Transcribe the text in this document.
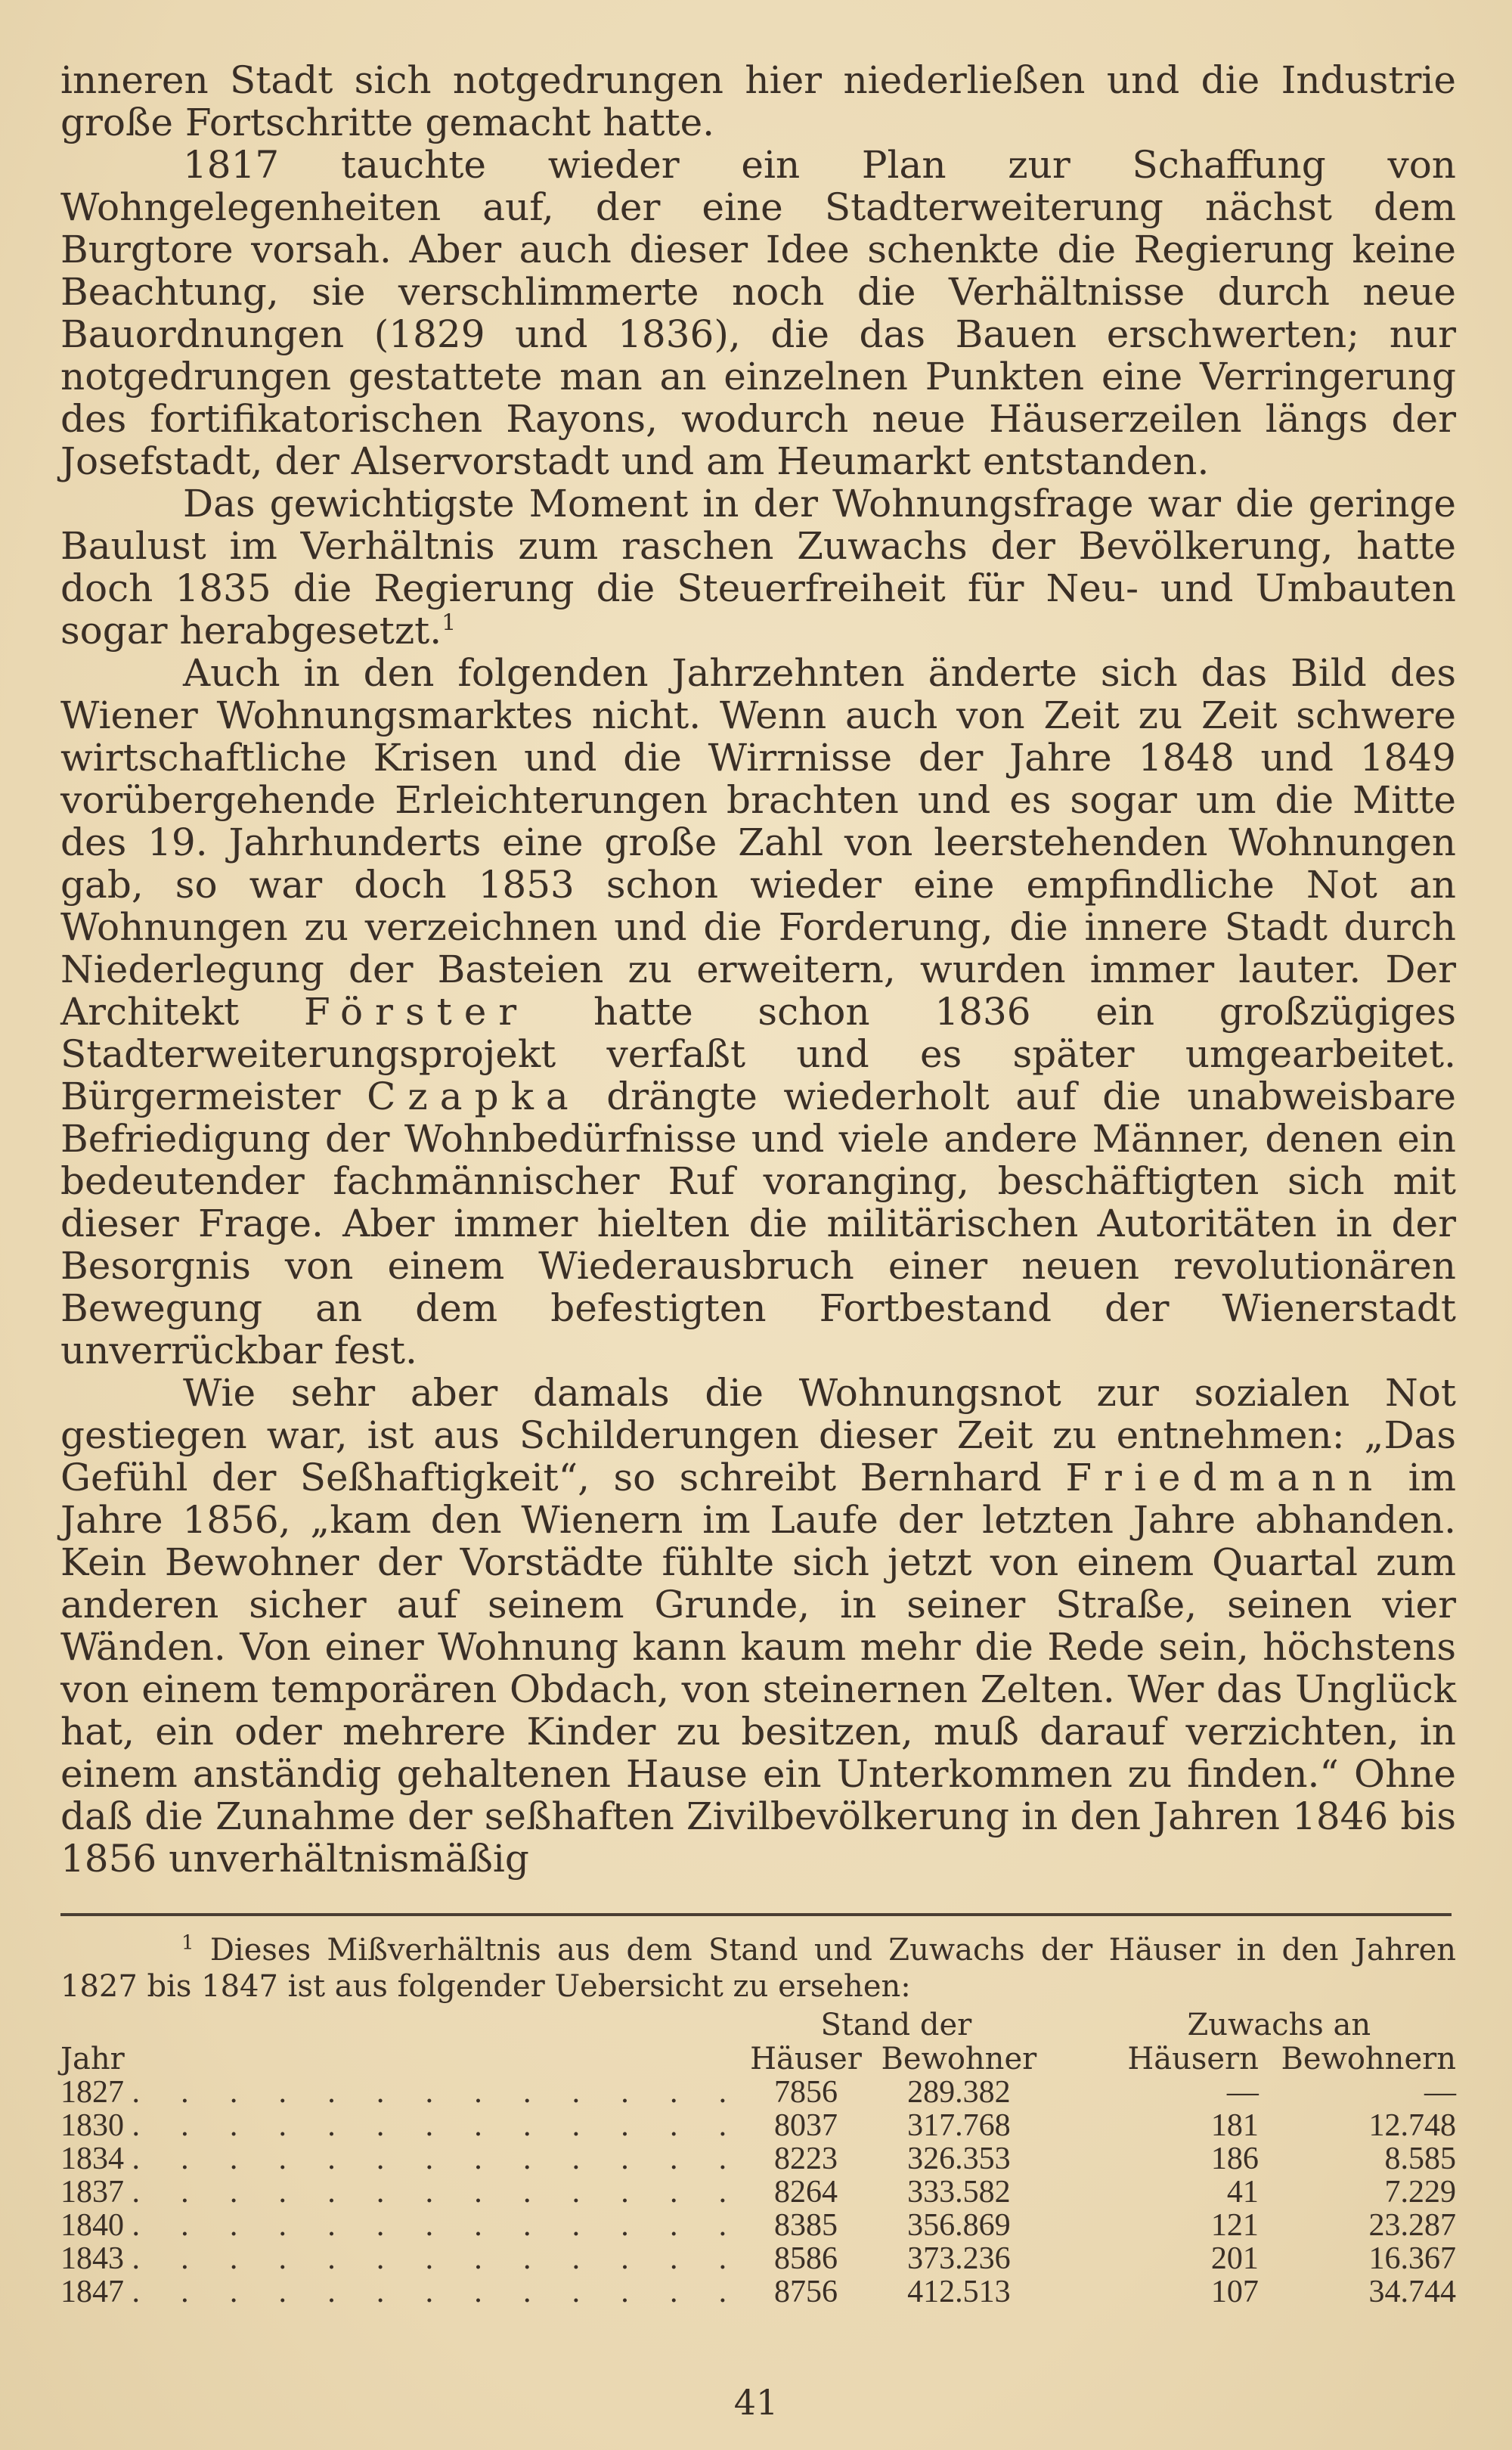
inneren Stadt sich notgedrungen hier niederließen und die Industrie große Fortschritte gemacht hatte.

1817 tauchte wieder ein Plan zur Schaffung von Wohngelegenheiten auf, der eine Stadterweiterung nächst dem Burgtore vorsah. Aber auch dieser Idee schenkte die Regierung keine Beachtung, sie verschlimmerte noch die Verhältnisse durch neue Bauordnungen (1829 und 1836), die das Bauen erschwerten; nur notgedrungen gestattete man an einzelnen Punkten eine Verringerung des fortifikatorischen Rayons, wodurch neue Häuserzeilen längs der Josefstadt, der Alservorstadt und am Heumarkt entstanden.

Das gewichtigste Moment in der Wohnungsfrage war die geringe Baulust im Verhältnis zum raschen Zuwachs der Bevölkerung, hatte doch 1835 die Regierung die Steuerfreiheit für Neu- und Umbauten sogar herabgesetzt.$^1$

Auch in den folgenden Jahrzehnten änderte sich das Bild des Wiener Wohnungsmarktes nicht. Wenn auch von Zeit zu Zeit schwere wirtschaftliche Krisen und die Wirrnisse der Jahre 1848 und 1849 vorübergehende Erleichterungen brachten und es sogar um die Mitte des 19. Jahrhunderts eine große Zahl von leerstehenden Wohnungen gab, so war doch 1853 schon wieder eine empfindliche Not an Wohnungen zu verzeichnen und die Forderung, die innere Stadt durch Niederlegung der Basteien zu erweitern, wurden immer lauter. Der Architekt Förster hatte schon 1836 ein großzügiges Stadterweiterungsprojekt verfaßt und es später umgearbeitet. Bürgermeister Czapka drängte wiederholt auf die unabweisbare Befriedigung der Wohnbedürfnisse und viele andere Männer, denen ein bedeutender fachmännischer Ruf voranging, beschäftigten sich mit dieser Frage. Aber immer hielten die militärischen Autoritäten in der Besorgnis von einem Wiederausbruch einer neuen revolutionären Bewegung an dem befestigten Fortbestand der Wienerstadt unverrückbar fest.

Wie sehr aber damals die Wohnungsnot zur sozialen Not gestiegen war, ist aus Schilderungen dieser Zeit zu entnehmen: „Das Gefühl der Seßhaftigkeit“, so schreibt Bernhard Friedmann im Jahre 1856, „kam den Wienern im Laufe der letzten Jahre abhanden. Kein Bewohner der Vorstädte fühlte sich jetzt von einem Quartal zum anderen sicher auf seinem Grunde, in seiner Straße, seinen vier Wänden. Von einer Wohnung kann kaum mehr die Rede sein, höchstens von einem temporären Obdach, von steinernen Zelten. Wer das Unglück hat, ein oder mehrere Kinder zu besitzen, muß darauf verzichten, in einem anständig gehaltenen Hause ein Unterkommen zu finden.“ Ohne daß die Zunahme der seßhaften Zivilbevölkerung in den Jahren 1846 bis 1856 unverhältnismäßig

$^1$ Dieses Mißverhältnis aus dem Stand und Zuwachs der Häuser in den Jahren 1827 bis 1847 ist aus folgender Uebersicht zu ersehen:

	Stand der			Zuwachs an	
Jahr	Häuser	Bewohner		Häusern	Bewohnern
1827 . . . . . . . . . . . . .	7856	289.382		—	—
1830 . . . . . . . . . . . . .	8037	317.768		181	12.748
1834 . . . . . . . . . . . . .	8223	326.353		186	8.585
1837 . . . . . . . . . . . . .	8264	333.582		41	7.229
1840 . . . . . . . . . . . . .	8385	356.869		121	23.287
1843 . . . . . . . . . . . . .	8586	373.236		201	16.367
1847 . . . . . . . . . . . . .	8756	412.513		107	34.744
41
